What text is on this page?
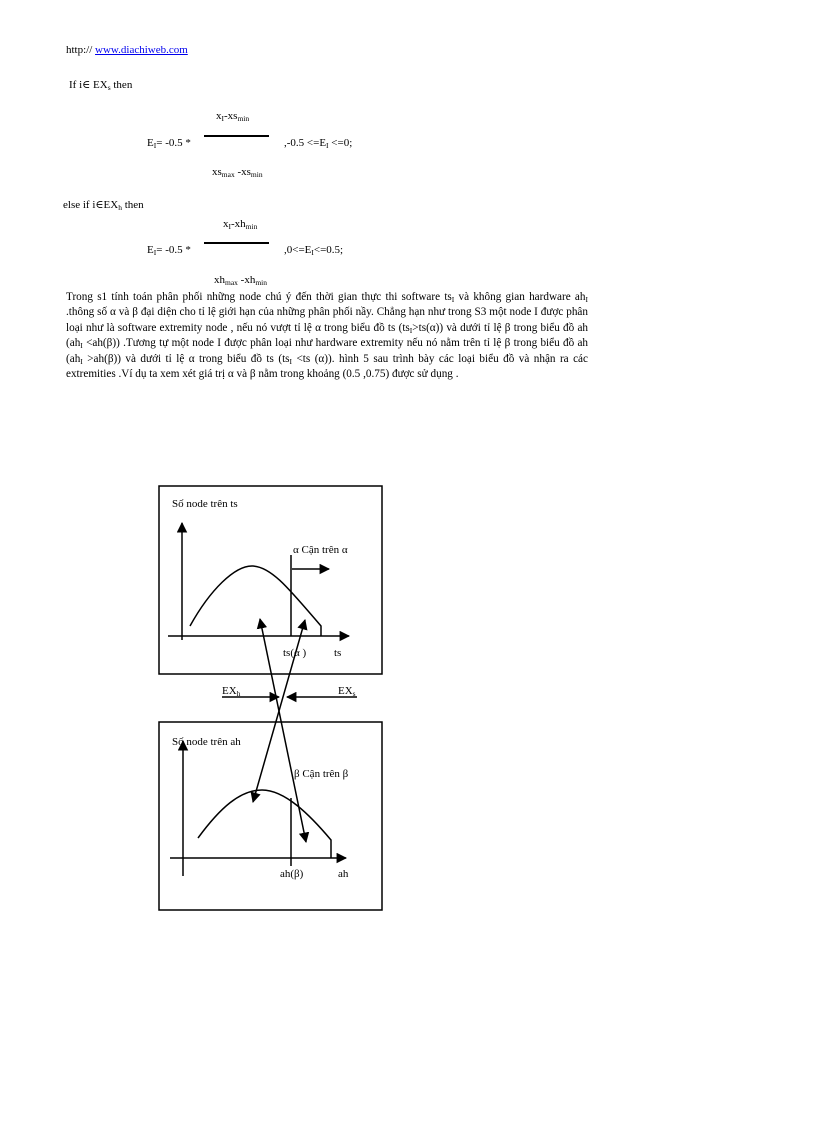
http:// www.diachiweb.com
If i∈ $EX_s$ then
$x_I-xs_{min}$
$E_I= -0.5$ *	$,-0.5 <=E_I <=0$;
$xs_{max}$ $-xs_{min}$
else if $i\in EX_h$ then
$x_I-xh_{min}$
$E_I= -0.5$ *	$,0<=E_I<=0.5$;
$xh_{max}$ $-xh_{min}$
Trong s1 tính toán phân phối những node chú ý đến thời gian thực thi software $ts_I$ và không gian hardware $ah_I$ .thông số α và β đại diện cho tỉ lệ giới hạn của những phân phối nầy. Chẳng hạn như trong S3 một node I được phân loại như là software extremity node , nếu nó vượt tỉ lệ α trong biểu đồ ts $(ts_I>ts(\alpha))$ và dưới tỉ lệ β trong biểu đồ ah $(ah_I <ah(\beta))$ .Tương tự một node I được phân loại như hardware extremity nếu nó nằm trên tỉ lệ β trong biểu đồ ah $(ah_I >ah(\beta))$ và dưới tỉ lệ α trong biểu đồ ts ($ts_I <ts$ (α)). hình 5 sau trình bày các loại biểu đồ và nhận ra các extremities .Ví dụ ta xem xét giá trị α và β nằm trong khoảng (0.5 ,0.75) được sử dụng .
Số node trên ts
α Cận trên α
ts(α )	ts
EXh	EXs
Số node trên ah
β Cận trên β
ah(β)	ah
